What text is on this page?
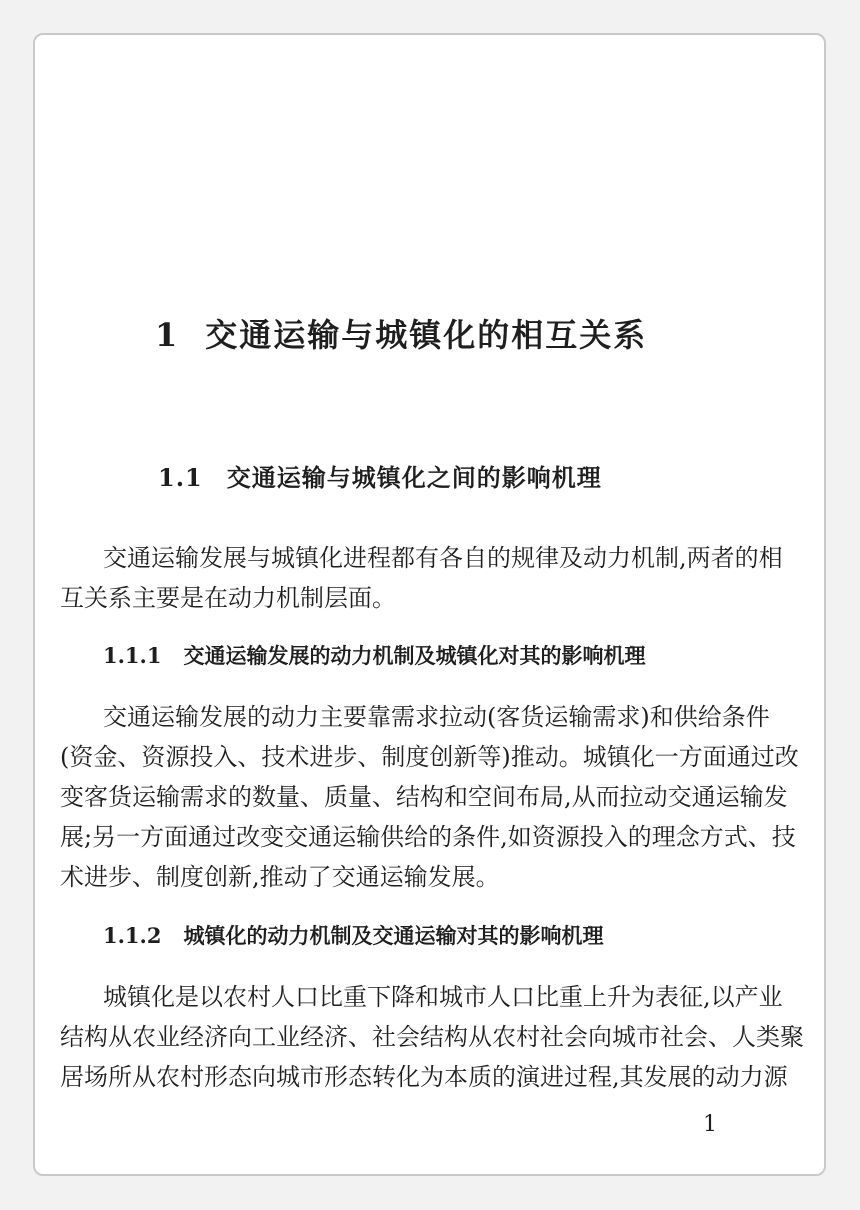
1 交通运输与城镇化的相互关系
1.1 交通运输与城镇化之间的影响机理
交通运输发展与城镇化进程都有各自的规律及动力机制,两者的相
互关系主要是在动力机制层面。
1.1.1 交通运输发展的动力机制及城镇化对其的影响机理
交通运输发展的动力主要靠需求拉动(客货运输需求)和供给条件
(资金、资源投入、技术进步、制度创新等)推动。城镇化一方面通过改
变客货运输需求的数量、质量、结构和空间布局,从而拉动交通运输发
展;另一方面通过改变交通运输供给的条件,如资源投入的理念方式、技
术进步、制度创新,推动了交通运输发展。
1.1.2 城镇化的动力机制及交通运输对其的影响机理
城镇化是以农村人口比重下降和城市人口比重上升为表征,以产业
结构从农业经济向工业经济、社会结构从农村社会向城市社会、人类聚
居场所从农村形态向城市形态转化为本质的演进过程,其发展的动力源
1
